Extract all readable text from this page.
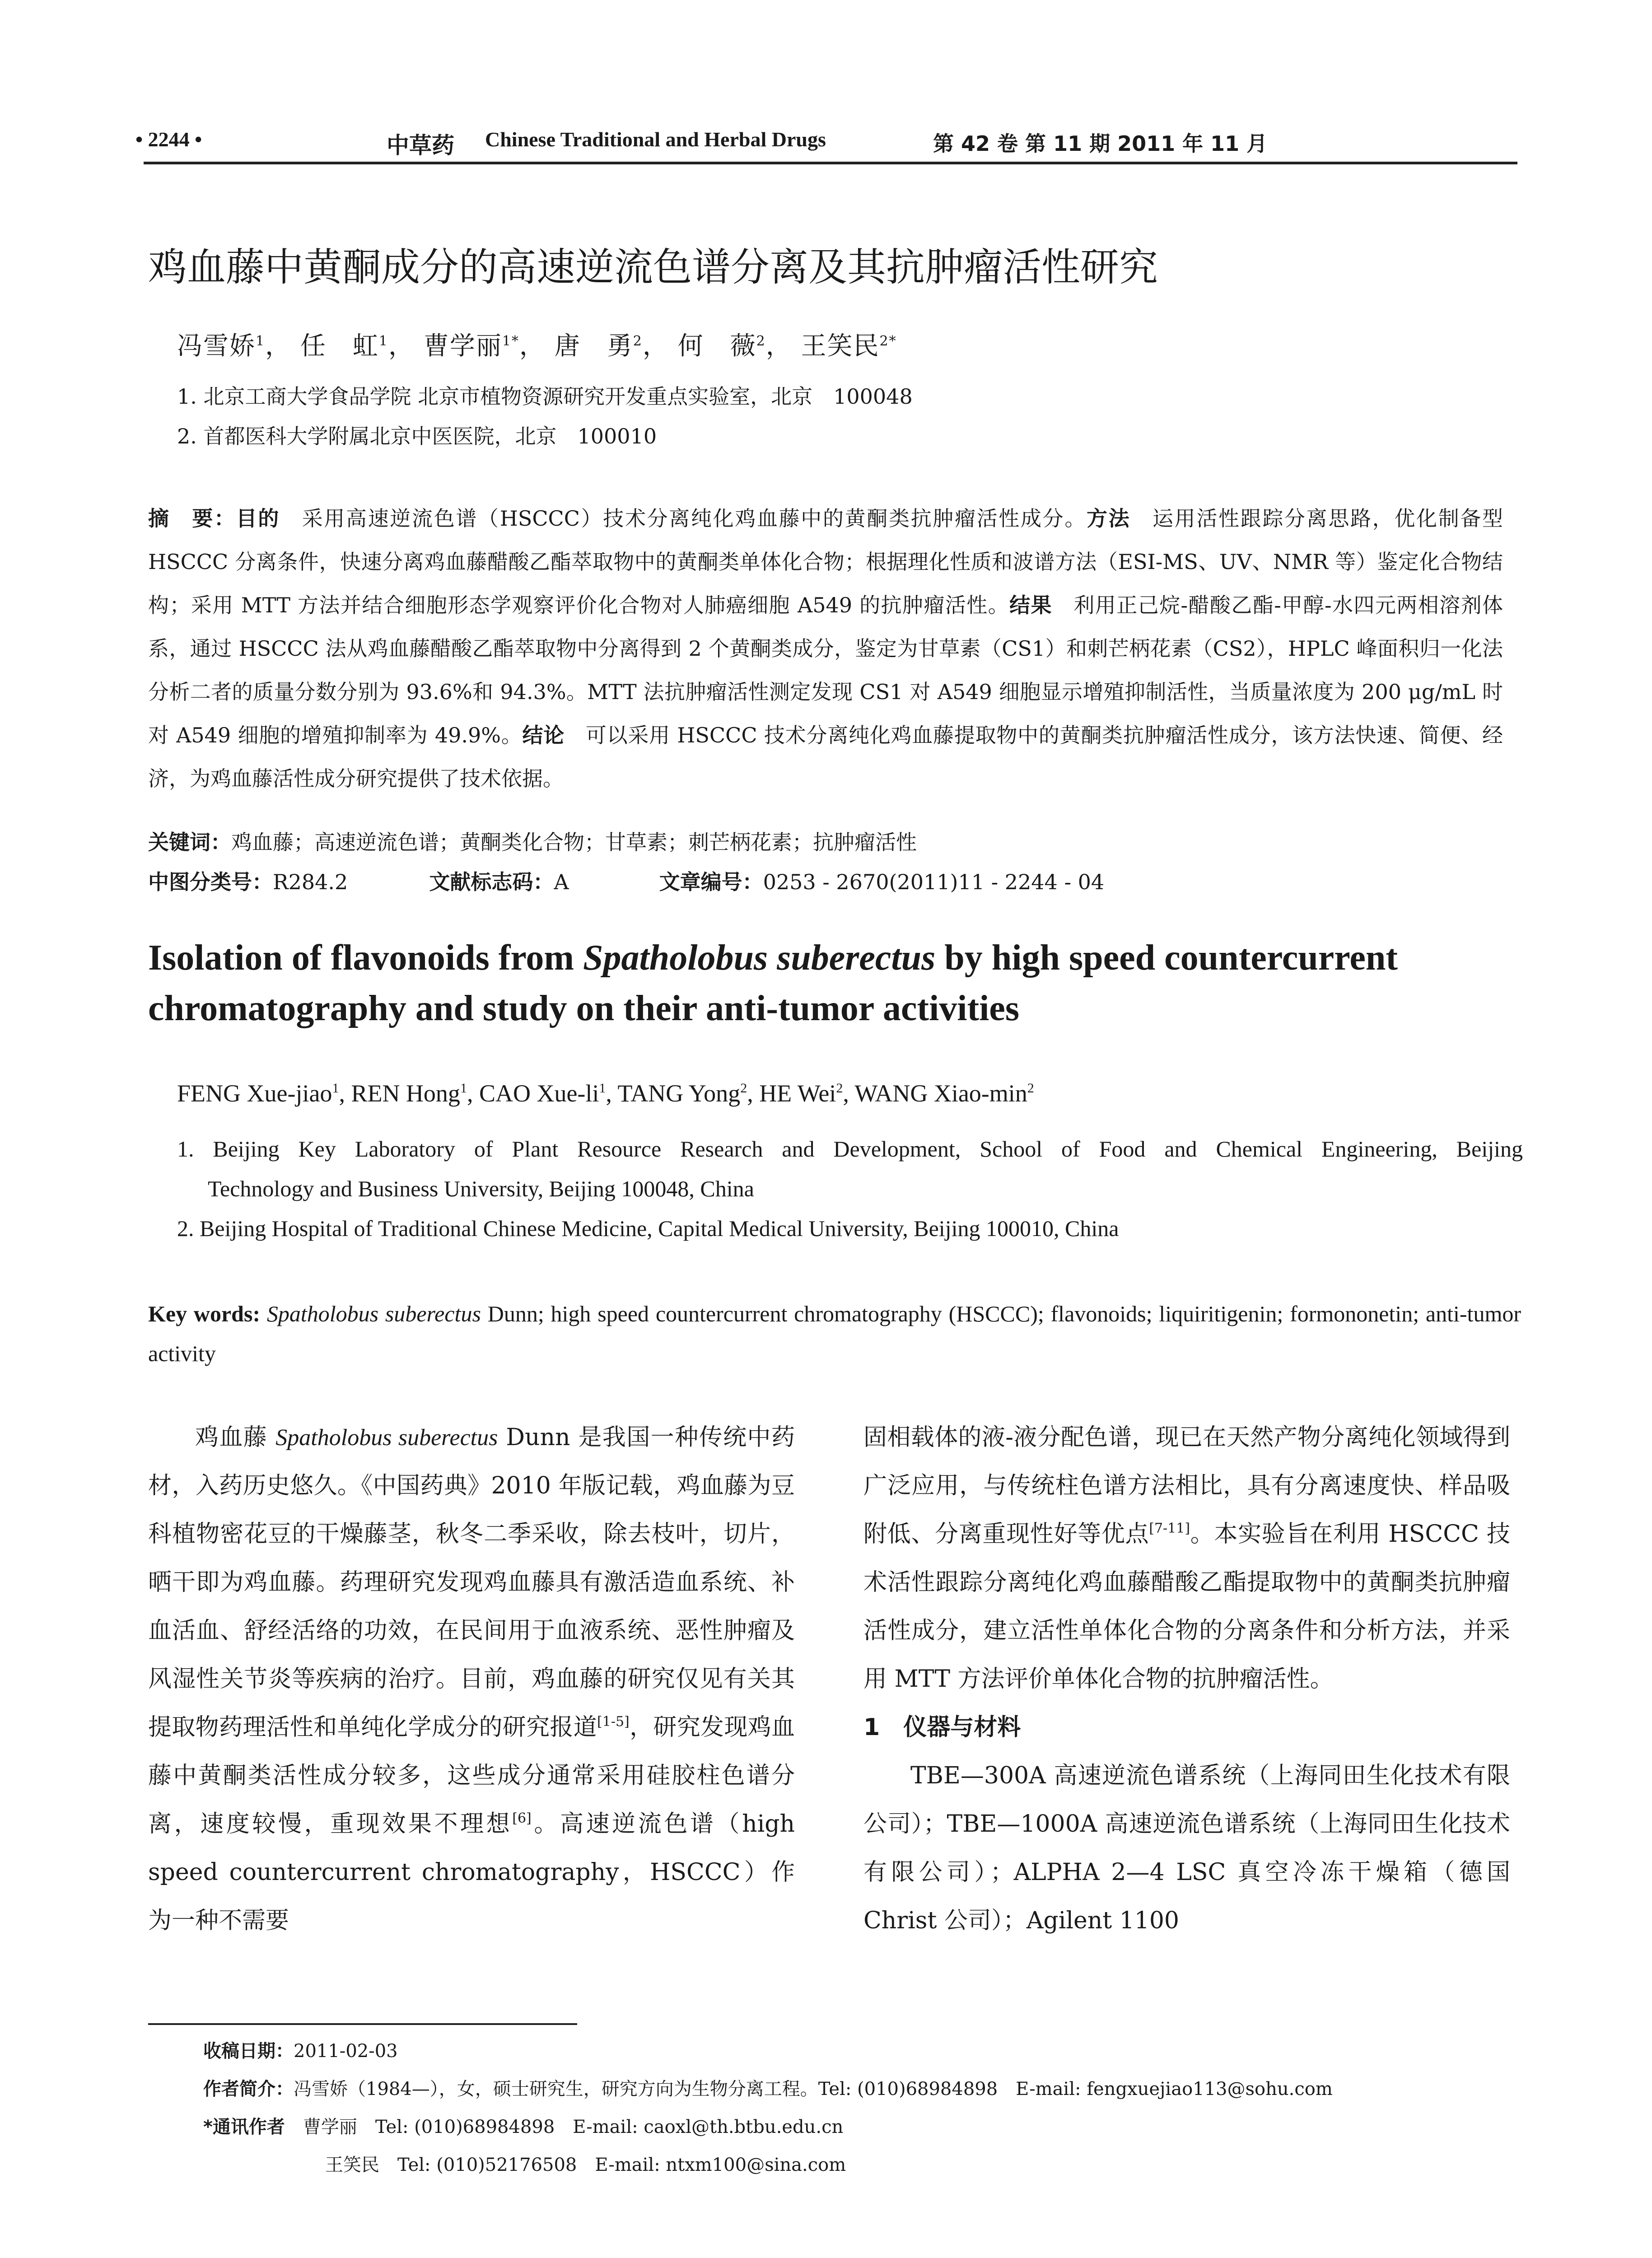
• 2244 •	中草药 Chinese Traditional and Herbal Drugs	第 42 卷 第 11 期 2011 年 11 月
鸡血藤中黄酮成分的高速逆流色谱分离及其抗肿瘤活性研究
冯雪娇$^1$， 任　虹$^1$， 曹学丽$^{1*}$， 唐　勇$^2$， 何　薇$^2$， 王笑民$^{2*}$
1. 北京工商大学食品学院 北京市植物资源研究开发重点实验室，北京　100048
2. 首都医科大学附属北京中医医院，北京　100010
摘　要：目的　采用高速逆流色谱（HSCCC）技术分离纯化鸡血藤中的黄酮类抗肿瘤活性成分。方法　运用活性跟踪分离思路，优化制备型 HSCCC 分离条件，快速分离鸡血藤醋酸乙酯萃取物中的黄酮类单体化合物；根据理化性质和波谱方法（ESI-MS、UV、NMR 等）鉴定化合物结构；采用 MTT 方法并结合细胞形态学观察评价化合物对人肺癌细胞 A549 的抗肿瘤活性。结果　利用正己烷-醋酸乙酯-甲醇-水四元两相溶剂体系，通过 HSCCC 法从鸡血藤醋酸乙酯萃取物中分离得到 2 个黄酮类成分，鉴定为甘草素（CS1）和刺芒柄花素（CS2），HPLC 峰面积归一化法分析二者的质量分数分别为 93.6%和 94.3%。MTT 法抗肿瘤活性测定发现 CS1 对 A549 细胞显示增殖抑制活性，当质量浓度为 200 μg/mL 时对 A549 细胞的增殖抑制率为 49.9%。结论　可以采用 HSCCC 技术分离纯化鸡血藤提取物中的黄酮类抗肿瘤活性成分，该方法快速、简便、经济，为鸡血藤活性成分研究提供了技术依据。
关键词：鸡血藤；高速逆流色谱；黄酮类化合物；甘草素；刺芒柄花素；抗肿瘤活性
中图分类号：R284.2	文献标志码：A	文章编号：0253 - 2670(2011)11 - 2244 - 04
Isolation of flavonoids from Spatholobus suberectus by high speed countercurrent chromatography and study on their anti-tumor activities
FENG Xue-jiao$^1$, REN Hong$^1$, CAO Xue-$li^1$, TANG Yong$^2$, HE Wei$^2$, WANG Xiao-$\min^2$
1. Beijing Key Laboratory of Plant Resource Research and Development, School of Food and Chemical Engineering, Beijing
Technology and Business University, Beijing 100048, China
2. Beijing Hospital of Traditional Chinese Medicine, Capital Medical University, Beijing 100010, China
Key words: Spatholobus suberectus Dunn; high speed countercurrent chromatography (HSCCC); flavonoids; liquiritigenin; formononetin; anti-tumor activity

鸡血藤 Spatholobus suberectus Dunn 是我国一种传统中药材，入药历史悠久。《中国药典》2010 年版记载，鸡血藤为豆科植物密花豆的干燥藤茎，秋冬二季采收，除去枝叶，切片，晒干即为鸡血藤。药理研究发现鸡血藤具有激活造血系统、补血活血、舒经活络的功效，在民间用于血液系统、恶性肿瘤及风湿性关节炎等疾病的治疗。目前，鸡血藤的研究仅见有关其提取物药理活性和单纯化学成分的研究报道[1-5]，研究发现鸡血藤中黄酮类活性成分较多，这些成分通常采用硅胶柱色谱分离，速度较慢，重现效果不理想[6]。高速逆流色谱（high speed countercurrent chromatography，HSCCC）作为一种不需要

固相载体的液-液分配色谱，现已在天然产物分离纯化领域得到广泛应用，与传统柱色谱方法相比，具有分离速度快、样品吸附低、分离重现性好等优点[7-11]。本实验旨在利用 HSCCC 技术活性跟踪分离纯化鸡血藤醋酸乙酯提取物中的黄酮类抗肿瘤活性成分，建立活性单体化合物的分离条件和分析方法，并采用 MTT 方法评价单体化合物的抗肿瘤活性。

1　仪器与材料

TBE—300A 高速逆流色谱系统（上海同田生化技术有限公司）；TBE—1000A 高速逆流色谱系统（上海同田生化技术有限公司）；ALPHA 2—4 LSC 真空冷冻干燥箱（德国 Christ 公司）；Agilent 1100

收稿日期：2011-02-03
作者简介：冯雪娇（1984—），女，硕士研究生，研究方向为生物分离工程。Tel: (010)68984898　E-mail: fengxuejiao113@sohu.com
*通讯作者　 曹学丽　Tel: (010)68984898　E-mail: caoxl@th.btbu.edu.cn
王笑民　Tel: (010)52176508　E-mail: ntxm100@sina.com
